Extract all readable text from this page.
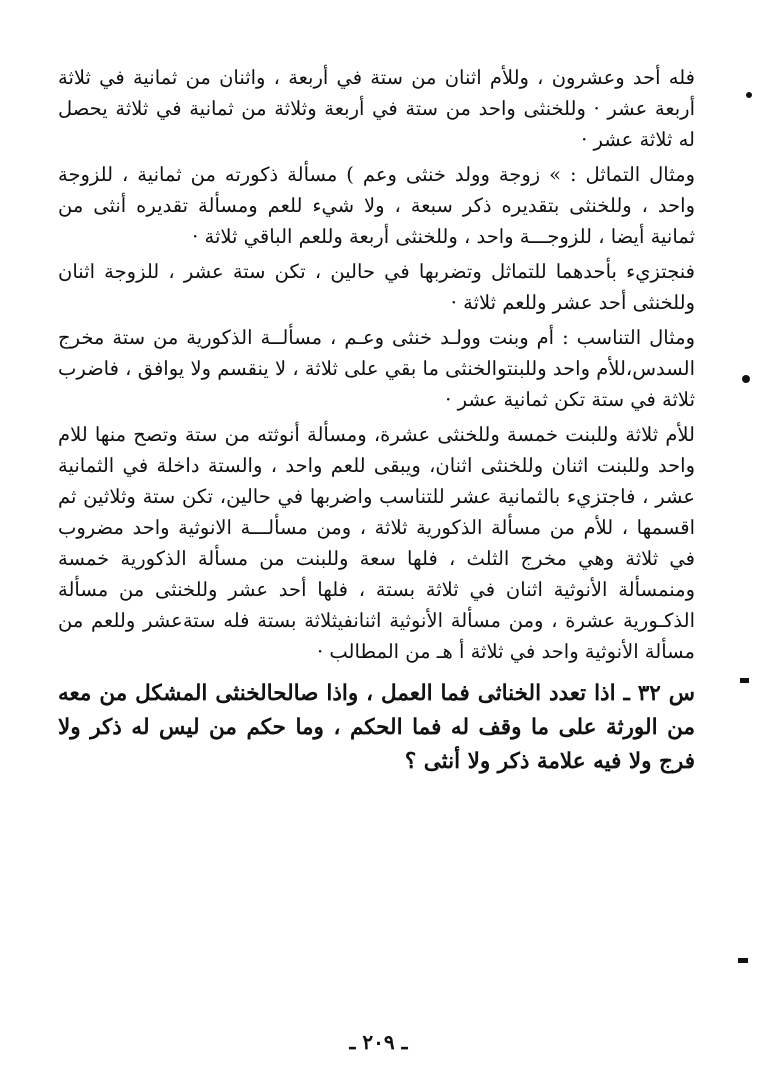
فله أحد وعشرون ، وللأم اثنان من ستة في أربعة ، واثنان من ثمانية في ثلاثة أربعة عشر · وللخنثى واحد من ستة في أربعة وثلاثة من ثمانية في ثلاثة يحصل له ثلاثة عشر ·

ومثال التماثل : » زوجة وولد خنثى وعم ) مسألة ذكورته من ثمانية ، للزوجة واحد ، وللخنثى بتقديره ذكر سبعة ، ولا شيء للعم ومسألة تقديره أنثى من ثمانية أيضا ، للزوجـــة واحد ، وللخنثى أربعة وللعم الباقي ثلاثة ·

فنجتزيء بأحدهما للتماثل وتضربها في حالين ، تكن ستة عشر ، للزوجة اثنان وللخنثى أحد عشر وللعم ثلاثة ·

ومثال التناسب : أم وبنت وولـد خنثى وعـم ، مسألــة الذكورية من ستة مخرج السدس،للأم واحد وللبنتوالخنثى ما بقي على ثلاثة ، لا ينقسم ولا يوافق ، فاضرب ثلاثة في ستة تكن ثمانية عشر ·

للأم ثلاثة وللبنت خمسة وللخنثى عشرة، ومسألة أنوثته من ستة وتصح منها للام واحد وللبنت اثنان وللخنثى اثنان، ويبقى للعم واحد ، والستة داخلة في الثمانية عشر ، فاجتزيء بالثمانية عشر للتناسب واضربها في حالين، تكن ستة وثلاثين ثم اقسمها ، للأم من مسألة الذكورية ثلاثة ، ومن مسألـــة الانوثية واحد مضروب في ثلاثة وهي مخرج الثلث ، فلها سعة وللبنت من مسألة الذكورية خمسة ومنمسألة الأنوثية اثنان في ثلاثة بستة ، فلها أحد عشر وللخنثى من مسألة الذكـورية عشرة ، ومن مسألة الأنوثية اثنانفيثلاثة بستة فله ستةعشر وللعم من مسألة الأنوثية واحد في ثلاثة أ هـ من المطالب ·

س ٣٢ ـ اذا تعدد الخناثى فما العمل ، واذا صالحالخنثى المشكل من معه من الورثة على ما وقف له فما الحكم ، وما حكم من ليس له ذكر ولا فرج ولا فيه علامة ذكر ولا أنثى ؟

ـ ٢٠٩ ـ
